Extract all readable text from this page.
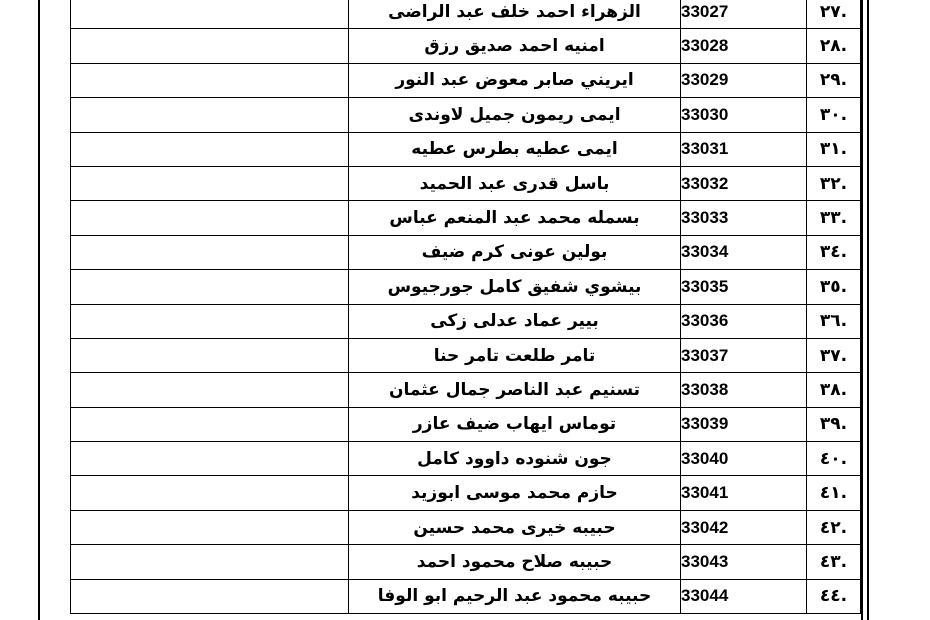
.٢٧	33027	الزهراء احمد خلف عبد الراضى	
.٢٨	33028	امنيه احمد صديق رزق	
.٢٩	33029	ايريني صابر معوض عبد النور	
.٣٠	33030	ايمى ريمون جميل لاوندى	
.٣١	33031	ايمى عطيه بطرس عطيه	
.٣٢	33032	باسل قدرى عبد الحميد	
.٣٣	33033	بسمله محمد عبد المنعم عباس	
.٣٤	33034	بولين عونى كرم ضيف	
.٣٥	33035	بيشوي شفيق كامل جورجيوس	
.٣٦	33036	بيير عماد عدلى زكى	
.٣٧	33037	تامر طلعت تامر حنا	
.٣٨	33038	تسنيم عبد الناصر جمال عثمان	
.٣٩	33039	توماس ايهاب ضيف عازر	
.٤٠	33040	جون شنوده داوود كامل	
.٤١	33041	حازم محمد موسى ابوزيد	
.٤٢	33042	حبيبه خيرى محمد حسين	
.٤٣	33043	حبيبه صلاح محمود احمد	
.٤٤	33044	حبيبه محمود عبد الرحيم ابو الوفا	
